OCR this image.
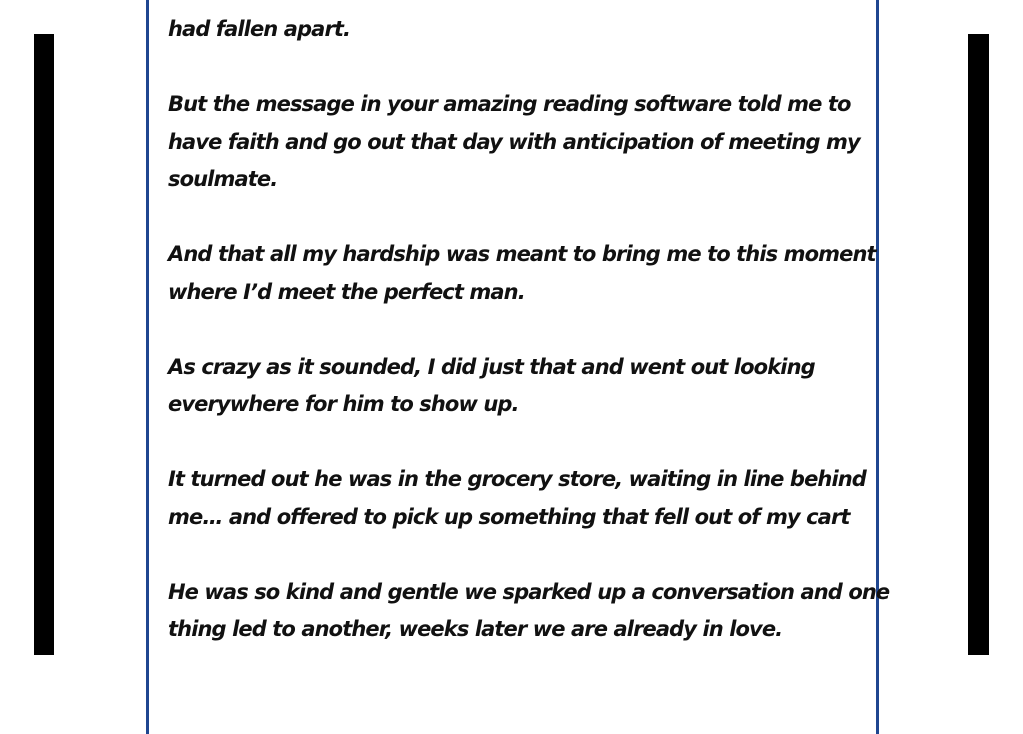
had fallen apart.

But the message in your amazing reading software told me to

have faith and go out that day with anticipation of meeting my

soulmate.

And that all my hardship was meant to bring me to this moment

where I’d meet the perfect man.

As crazy as it sounded, I did just that and went out looking

everywhere for him to show up.

It turned out he was in the grocery store, waiting in line behind

me… and offered to pick up something that fell out of my cart

He was so kind and gentle we sparked up a conversation and one

thing led to another, weeks later we are already in love.
